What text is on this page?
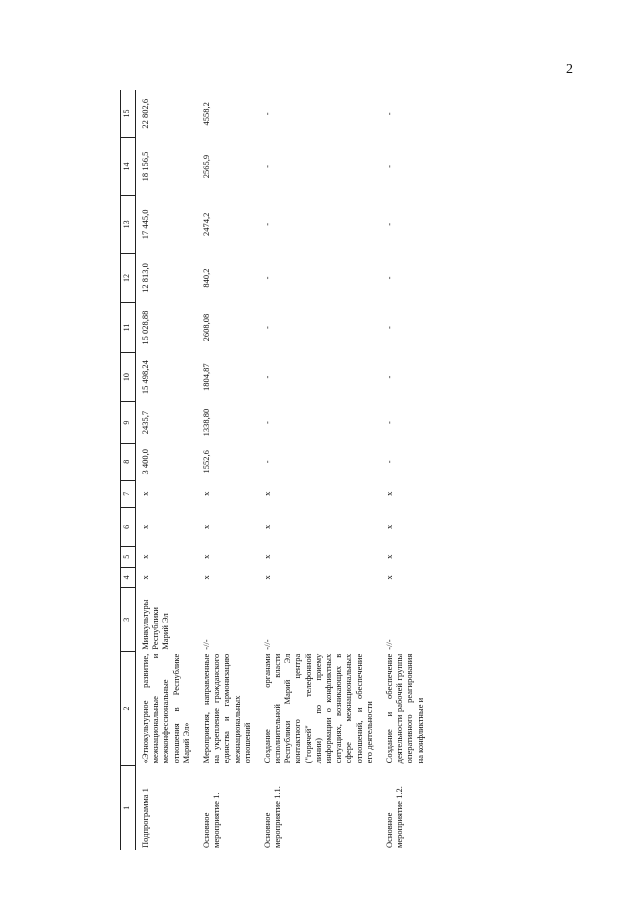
2
1	2	3	4	5	6	7	8	9	10	11	12	13	14	15
Подпрограмма 1	«Этнокультурное развитие, межнациональные и межконфессиональные отношения в Республике Марий Эл»	Минкультуры Республики Марий Эл	х	х	х	х	3 400,0	2435,7	15 498,24	15 028,88	12 813,0	17 445,0	18 156,5	22 802,6
Основное мероприятие 1.	Мероприятия, направленные на укрепление гражданского единства и гармонизацию межнациональных отношений	-//-	х	х	х	х	1552,6	1338,80	1804,87	2608,08	840,2	2474,2	2565,9	4558,2
Основное мероприятие 1.1.	Создание органами исполнительной власти Республики Марий Эл контактного центра ("горячей" телефонной линии) по приему информации о конфликтных ситуациях, возникающих в сфере межнациональных отношений, и обеспечение его деятельности	-//-	х	х	х	х	-	-	-	-	-	-	-	-
Основное мероприятие 1.2.	Создание и обеспечение деятельности рабочей группы оперативного реагирования на конфликтные и	-//-	х	х	х	х	-	-	-	-	-	-	-	-
